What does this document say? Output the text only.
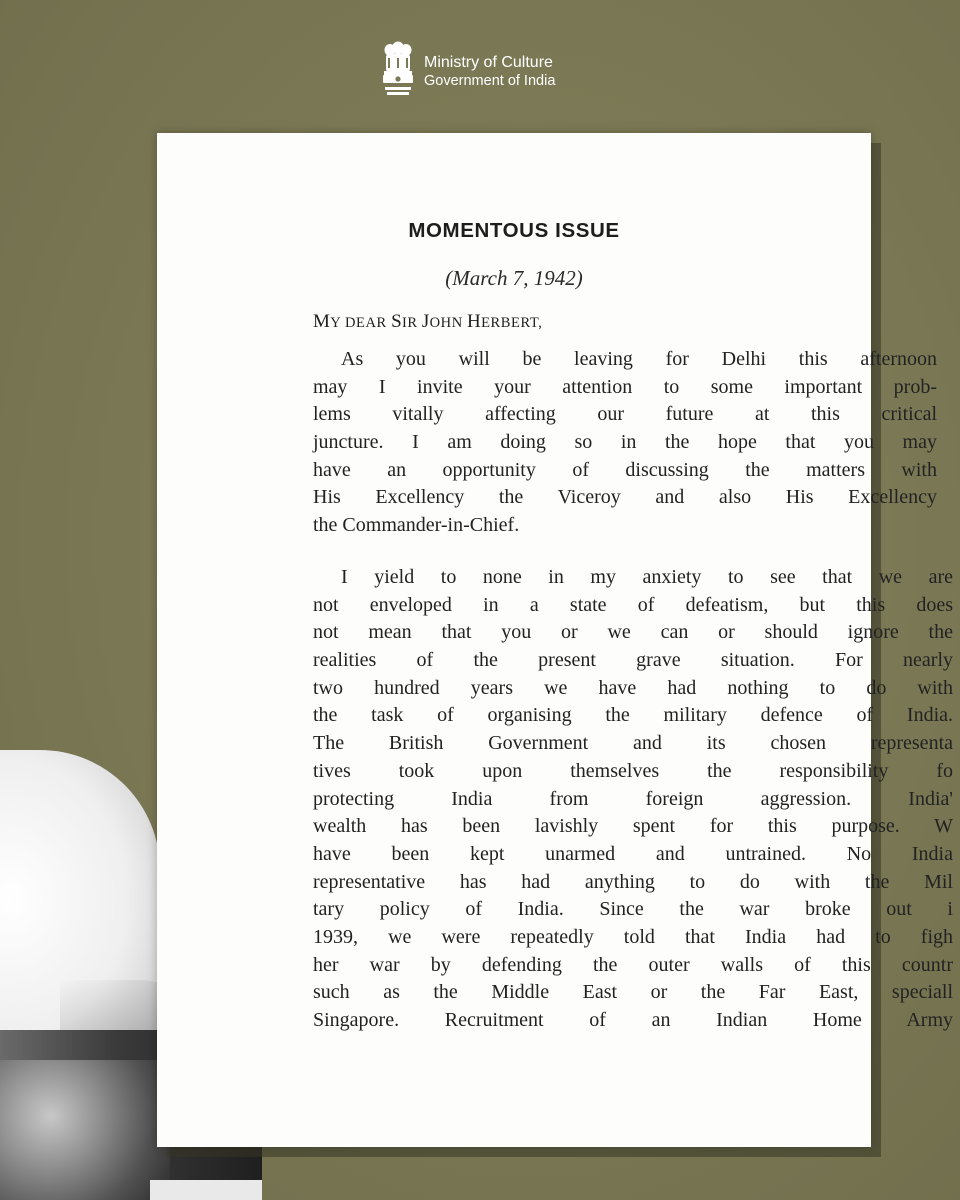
Ministry of Culture
Government of India
MOMENTOUS ISSUE
(March 7, 1942)
MY DEAR SIR JOHN HERBERT,
As you will be leaving for Delhi this afternoon
may I invite your attention to some important prob-
lems vitally affecting our future at this critical
juncture. I am doing so in the hope that you may
have an opportunity of discussing the matters with
His Excellency the Viceroy and also His Excellency
the Commander-in-Chief.
I yield to none in my anxiety to see that we are
not enveloped in a state of defeatism, but this does
not mean that you or we can or should ignore the
realities of the present grave situation. For nearly
two hundred years we have had nothing to do with
the task of organising the military defence of India.
The British Government and its chosen representa
tives took upon themselves the responsibility fo
protecting India from foreign aggression. India'
wealth has been lavishly spent for this purpose. W
have been kept unarmed and untrained. No India
representative has had anything to do with the Mil
tary policy of India. Since the war broke out i
1939, we were repeatedly told that India had to figh
her war by defending the outer walls of this countr
such as the Middle East or the Far East, speciall
Singapore. Recruitment of an Indian Home Army
